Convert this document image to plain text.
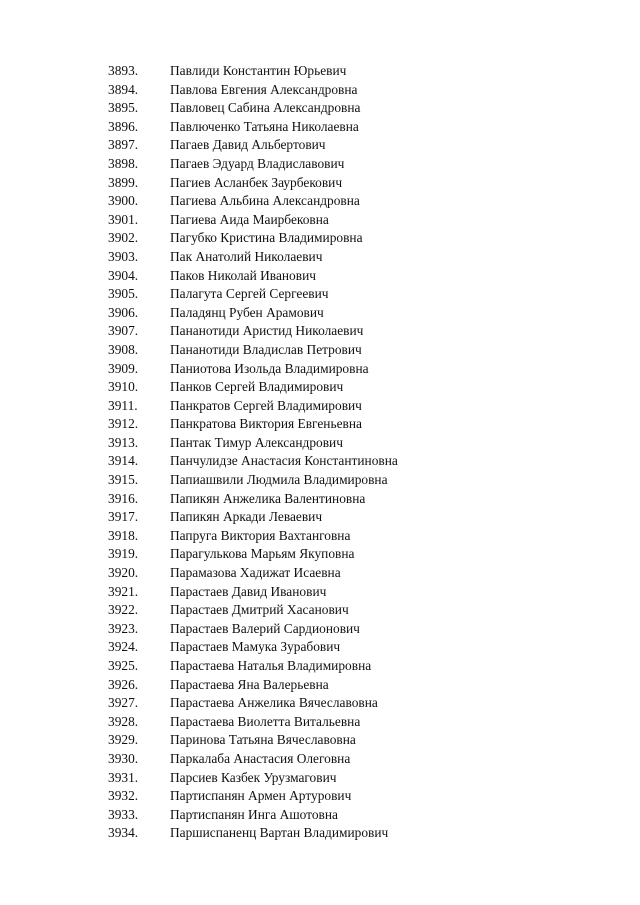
3893. Павлиди Константин Юрьевич
3894. Павлова Евгения Александровна
3895. Павловец Сабина Александровна
3896. Павлюченко Татьяна Николаевна
3897. Пагаев Давид Альбертович
3898. Пагаев Эдуард Владиславович
3899. Пагиев Асланбек Заурбекович
3900. Пагиева Альбина Александровна
3901. Пагиева Аида Маирбековна
3902. Пагубко Кристина Владимировна
3903. Пак Анатолий Николаевич
3904. Паков Николай Иванович
3905. Палагута Сергей Сергеевич
3906. Паладянц Рубен Арамович
3907. Пананотиди Аристид Николаевич
3908. Пананотиди Владислав Петрович
3909. Паниотова Изольда Владимировна
3910. Панков Сергей Владимирович
3911. Панкратов Сергей Владимирович
3912. Панкратова Виктория Евгеньевна
3913. Пантак Тимур Александрович
3914. Панчулидзе Анастасия Константиновна
3915. Папиашвили Людмила Владимировна
3916. Папикян Анжелика Валентиновна
3917. Папикян Аркади Леваевич
3918. Папруга Виктория Вахтанговна
3919. Парагулькова Марьям Якуповна
3920. Парамазова Хадижат Исаевна
3921. Парастаев Давид Иванович
3922. Парастаев Дмитрий Хасанович
3923. Парастаев Валерий Сардионович
3924. Парастаев Мамука Зурабович
3925. Парастаева Наталья Владимировна
3926. Парастаева Яна Валерьевна
3927. Парастаева Анжелика Вячеславовна
3928. Парастаева Виолетта Витальевна
3929. Паринова Татьяна Вячеславовна
3930. Паркалаба Анастасия Олеговна
3931. Парсиев Казбек Урузмагович
3932. Партиспанян Армен Артурович
3933. Партиспанян Инга Ашотовна
3934. Паршиспаненц Вартан Владимирович
